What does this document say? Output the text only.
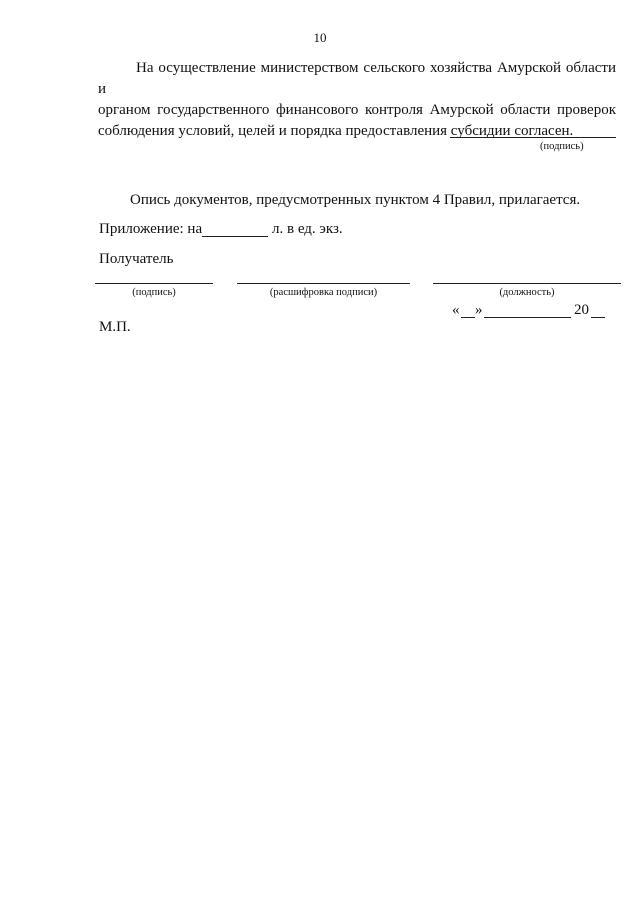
10
На осуществление министерством сельского хозяйства Амурской области и
органом государственного финансового контроля Амурской области проверок
соблюдения условий, целей и порядка предоставления субсидии согласен.
(подпись)
Опись документов, предусмотренных пунктом 4 Правил, прилагается.
Приложение: на	л. в ед. экз.
Получатель
(подпись)	(расшифровка подписи)	(должность)
« »	20
М.П.
